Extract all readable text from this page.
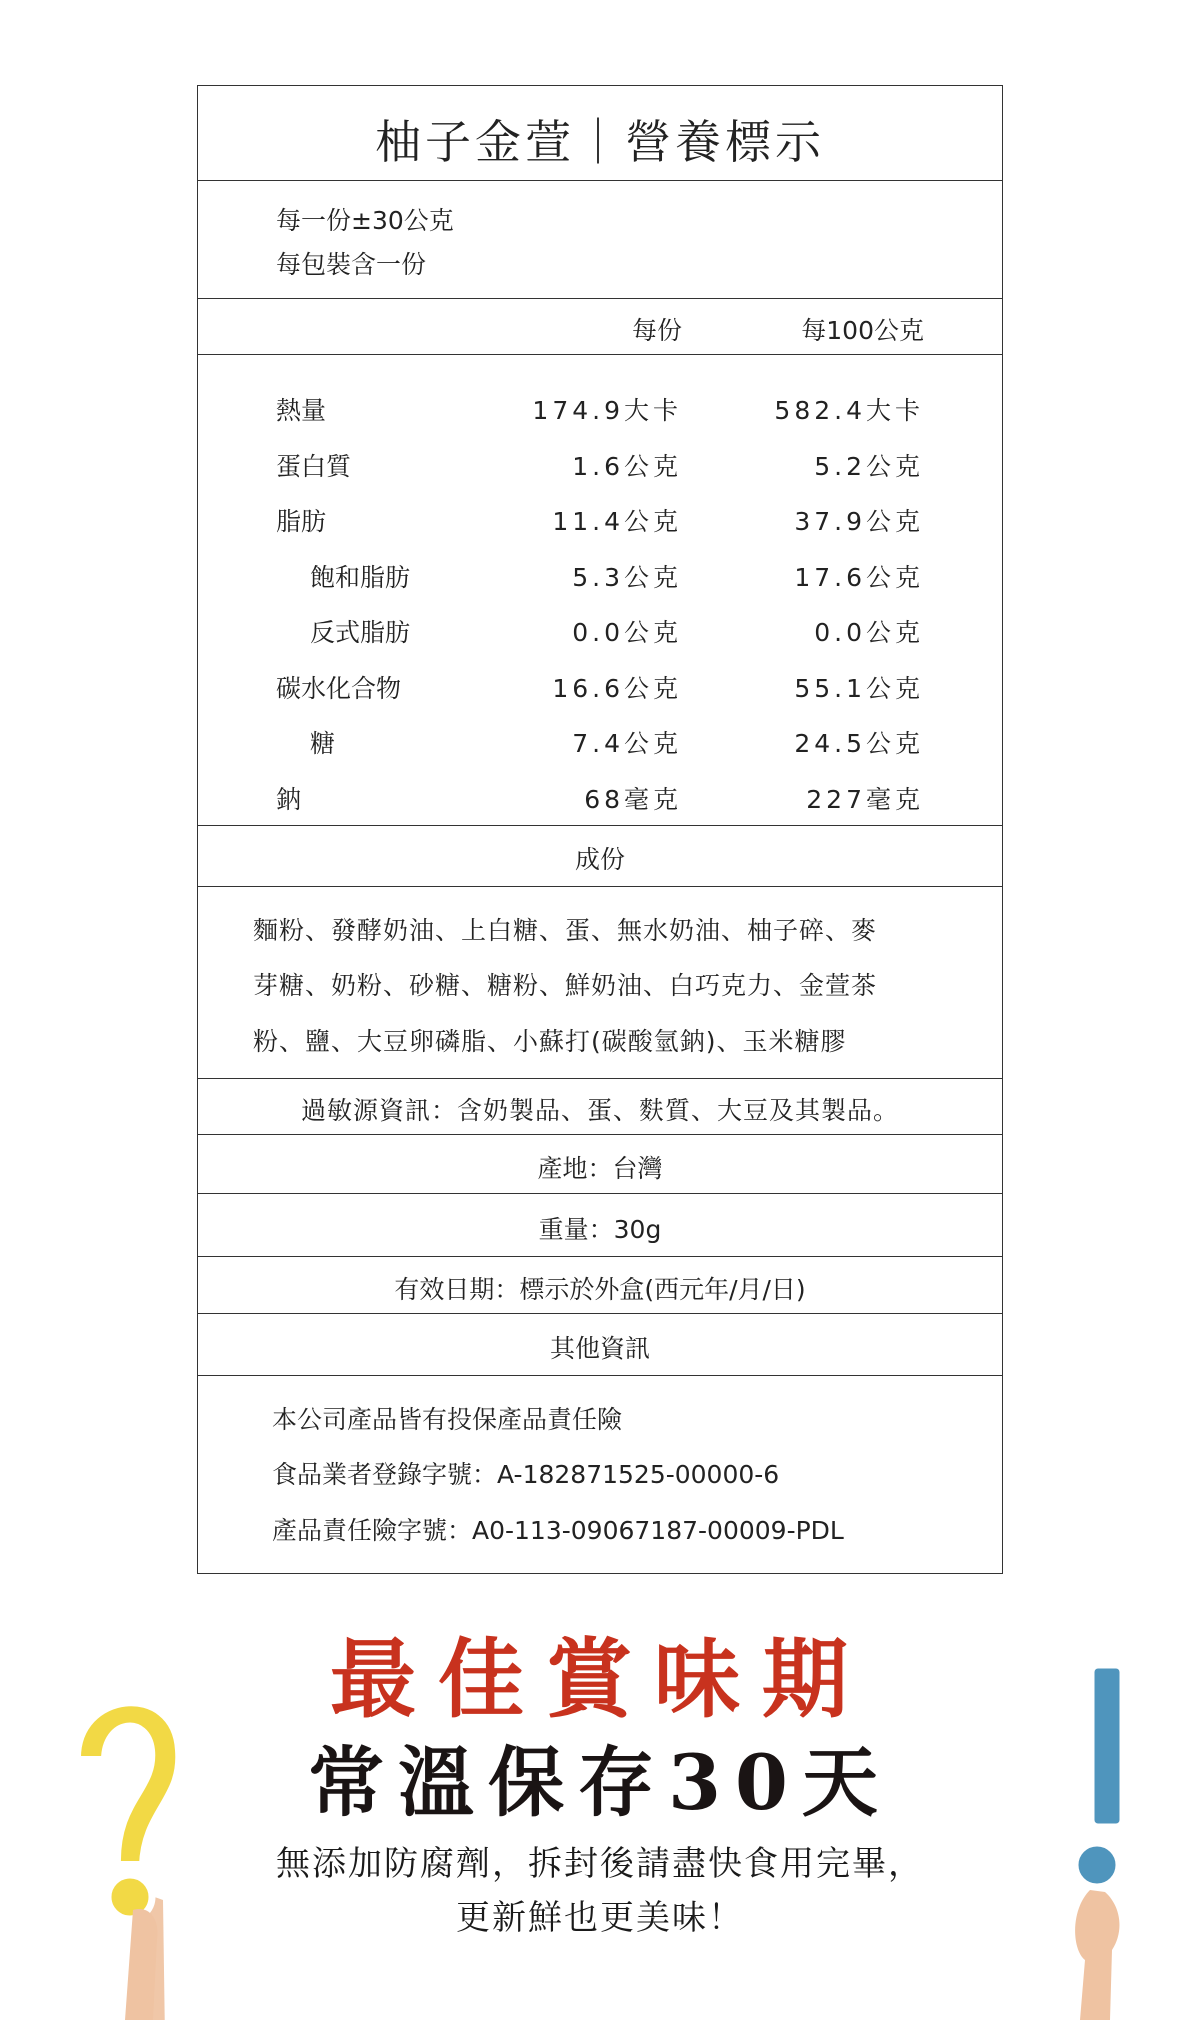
柚子金萱｜營養標示
每一份±30公克
每包裝含一份
每份	每100公克
熱量	174.9大卡	582.4大卡
蛋白質	1.6公克	5.2公克
脂肪	11.4公克	37.9公克
飽和脂肪	5.3公克	17.6公克
反式脂肪	0.0公克	0.0公克
碳水化合物	16.6公克	55.1公克
糖	7.4公克	24.5公克
鈉	68毫克	227毫克
成份
麵粉、發酵奶油、上白糖、蛋、無水奶油、柚子碎、麥
芽糖、奶粉、砂糖、糖粉、鮮奶油、白巧克力、金萱茶
粉、鹽、大豆卵磷脂、小蘇打(碳酸氫鈉)、玉米糖膠
過敏源資訊：含奶製品、蛋、麩質、大豆及其製品。
產地：台灣
重量：30g
有效日期：標示於外盒(西元年/月/日)
其他資訊
本公司產品皆有投保產品責任險
食品業者登錄字號：A-182871525-00000-6
產品責任險字號：A0-113-09067187-00009-PDL
最佳賞味期
常溫保存30天
無添加防腐劑，拆封後請盡快食用完畢，
更新鮮也更美味！
